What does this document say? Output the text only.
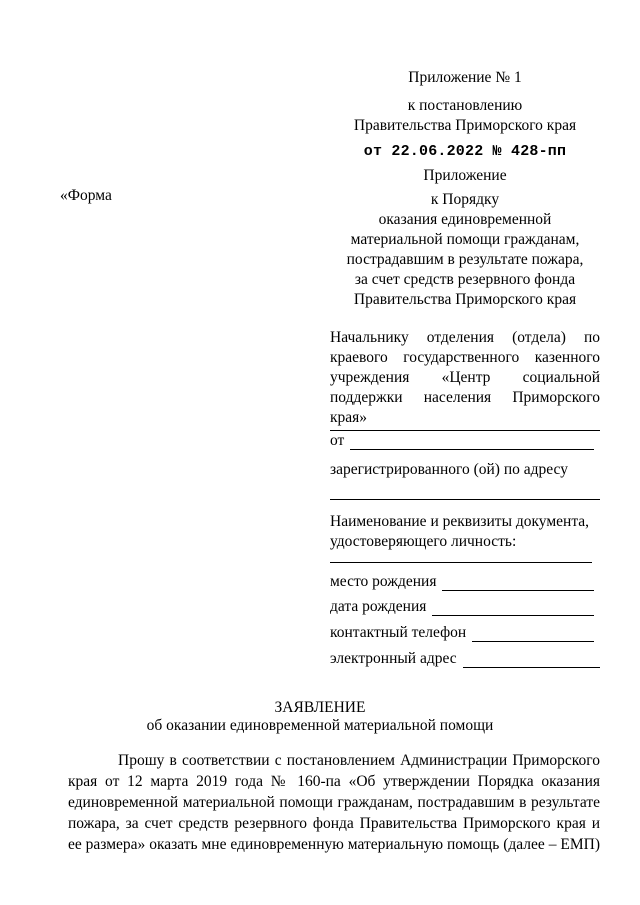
Приложение № 1
к постановлению
Правительства Приморского края
от 22.06.2022 № 428-пп
Приложение
«Форма	к Порядку
оказания единовременной
материальной помощи гражданам,
пострадавшим в результате пожара,
за счет средств резервного фонда
Правительства Приморского края
Начальнику отделения (отдела) по
краевого государственного казенного
учреждения «Центр социальной
поддержки населения Приморского
края»
от
зарегистрированного (ой) по адресу
Наименование и реквизиты документа,
удостоверяющего личность:
место рождения
дата рождения
контактный телефон
электронный адрес
ЗАЯВЛЕНИЕ
об оказании единовременной материальной помощи
Прошу в соответствии с постановлением Администрации Приморского
края от 12 марта 2019 года № 160-па «Об утверждении Порядка оказания
единовременной материальной помощи гражданам, пострадавшим в результате
пожара, за счет средств резервного фонда Правительства Приморского края и
ее размера» оказать мне единовременную материальную помощь (далее – ЕМП)
